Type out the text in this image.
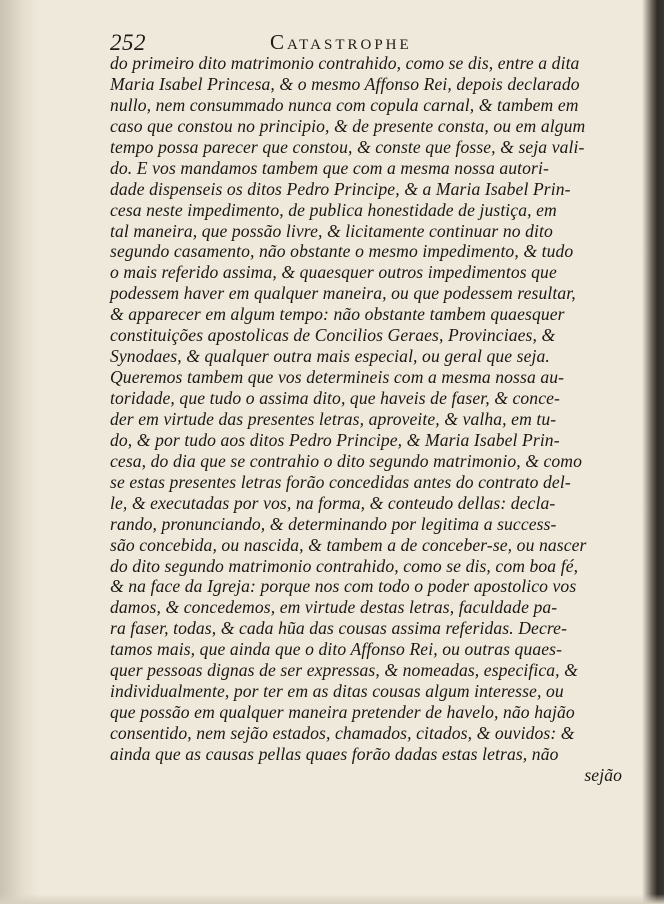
252	Catastrophe
do primeiro dito matrimonio contrahido, como se dis, entre a dita
Maria Isabel Princesa, & o mesmo Affonso Rei, depois declarado
nullo, nem consummado nunca com copula carnal, & tambem em
caso que constou no principio, & de presente consta, ou em algum
tempo possa parecer que constou, & conste que fosse, & seja vali-
do. E vos mandamos tambem que com a mesma nossa autori-
dade dispenseis os ditos Pedro Principe, & a Maria Isabel Prin-
cesa neste impedimento, de publica honestidade de justiça, em
tal maneira, que possão livre, & licitamente continuar no dito
segundo casamento, não obstante o mesmo impedimento, & tudo
o mais referido assima, & quaesquer outros impedimentos que
podessem haver em qualquer maneira, ou que podessem resultar,
& apparecer em algum tempo: não obstante tambem quaesquer
constituições apostolicas de Concilios Geraes, Provinciaes, &
Synodaes, & qualquer outra mais especial, ou geral que seja.
Queremos tambem que vos determineis com a mesma nossa au-
toridade, que tudo o assima dito, que haveis de faser, & conce-
der em virtude das presentes letras, aproveite, & valha, em tu-
do, & por tudo aos ditos Pedro Principe, & Maria Isabel Prin-
cesa, do dia que se contrahio o dito segundo matrimonio, & como
se estas presentes letras forão concedidas antes do contrato del-
le, & executadas por vos, na forma, & conteudo dellas: decla-
rando, pronunciando, & determinando por legitima a success-
são concebida, ou nascida, & tambem a de conceber-se, ou nascer
do dito segundo matrimonio contrahido, como se dis, com boa fé,
& na face da Igreja: porque nos com todo o poder apostolico vos
damos, & concedemos, em virtude destas letras, faculdade pa-
ra faser, todas, & cada hũa das cousas assima referidas. Decre-
tamos mais, que ainda que o dito Affonso Rei, ou outras quaes-
quer pessoas dignas de ser expressas, & nomeadas, especifica, &
individualmente, por ter em as ditas cousas algum interesse, ou
que possão em qualquer maneira pretender de havelo, não hajão
consentido, nem sejão estados, chamados, citados, & ouvidos: &
ainda que as causas pellas quaes forão dadas estas letras, não
sejão
